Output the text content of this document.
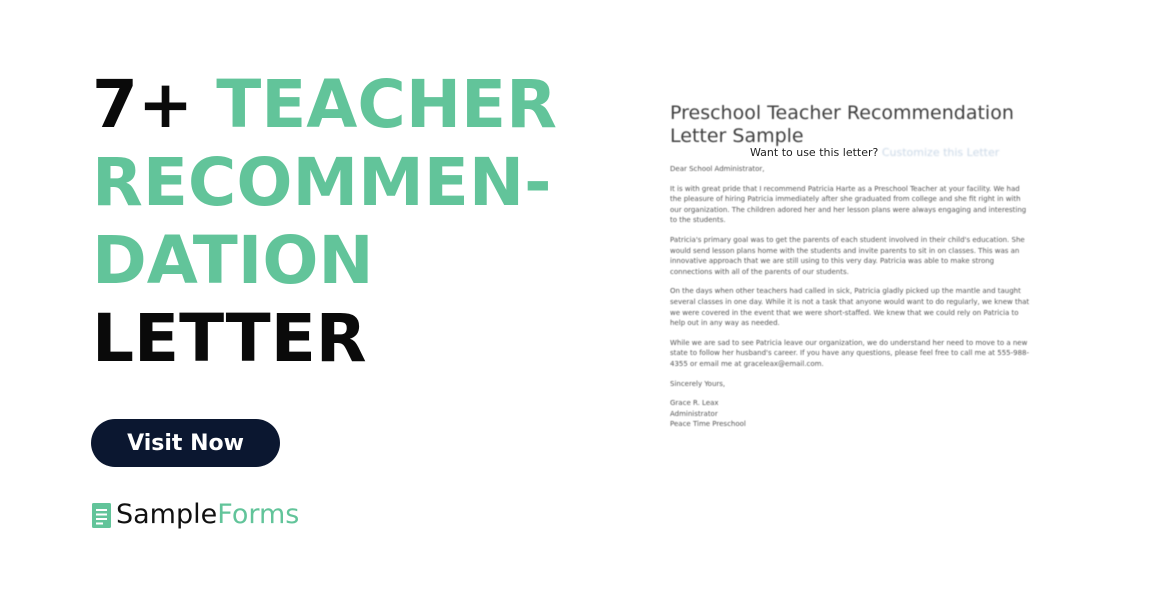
7+ TEACHER
RECOMMEN-
DATION
LETTER
Visit Now
SampleForms
Preschool Teacher Recommendation Letter Sample
Want to use this letter? Customize this Letter

Dear School Administrator,

It is with great pride that I recommend Patricia Harte as a Preschool Teacher at your facility. We had the pleasure of hiring Patricia immediately after she graduated from college and she fit right in with our organization. The children adored her and her lesson plans were always engaging and interesting to the students.

Patricia's primary goal was to get the parents of each student involved in their child's education. She would send lesson plans home with the students and invite parents to sit in on classes. This was an innovative approach that we are still using to this very day. Patricia was able to make strong connections with all of the parents of our students.

On the days when other teachers had called in sick, Patricia gladly picked up the mantle and taught several classes in one day. While it is not a task that anyone would want to do regularly, we knew that we were covered in the event that we were short-staffed. We knew that we could rely on Patricia to help out in any way as needed.

While we are sad to see Patricia leave our organization, we do understand her need to move to a new state to follow her husband's career. If you have any questions, please feel free to call me at 555-988-4355 or email me at graceleax@email.com.

Sincerely Yours,

Grace R. Leax
Administrator
Peace Time Preschool
